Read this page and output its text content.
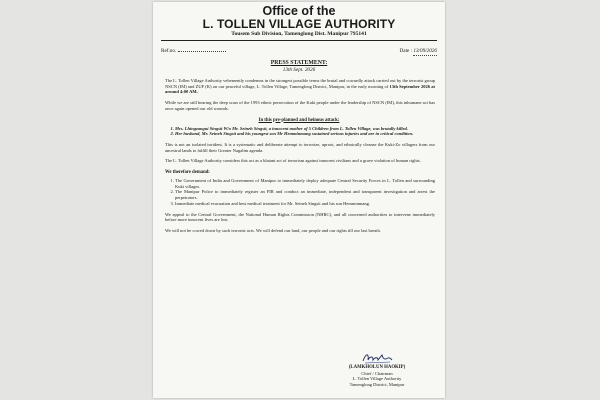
Office of the

L. TOLLEN VILLAGE AUTHORITY

Tousem Sub Division, Tamenglong Dist. Manipur 795141

Ref.no.	Date : 13/09/2026

PRESS STATEMENT:

13th Sept. 2026

The L. Tollen Village Authority vehemently condemns in the strongest possible terms the brutal and cowardly attack carried out by the terrorist group NSCN (IM) and ZUF (K) on our peaceful village, L. Tollen Village, Tamenglong District, Manipur, in the early morning of 13th September 2026 at around 4:00 AM.

While we are still bearing the deep scars of the 1993 ethnic persecution of the Kuki people under the leadership of NSCN (IM), this inhumane act has once again opened our old wounds.

In this pre-planned and heinous attack:
1. Mrs. Lhingzangui Singsit W/o Mr. Seineh Singsit, a innocent mother of 5 Children from L. Tollen Village, was brutally killed.
2. Her husband, Mr. Seineh Singsit and his youngest son Mr Hemminmang sustained serious injuries and are in critical condition.

This is not an isolated incident. It is a systematic and deliberate attempt to terrorize, uproot, and ethnically cleanse the Kuki-Zo villagers from our ancestral lands to fulfill their Greater Nagalim agenda.

The L. Tollen Village Authority considers this act as a blatant act of terrorism against innocent civilians and a grave violation of human rights.

We therefore demand:
1. The Government of India and Government of Manipur to immediately deploy adequate Central Security Forces in L. Tollen and surrounding Kuki villages.
2. The Manipur Police to immediately register an FIR and conduct an immediate, independent and transparent investigation and arrest the perpetrators.
3. Immediate medical evacuation and best medical treatment for Mr. Seineh Singsit and his son Hemminmang.

We appeal to the Central Government, the National Human Rights Commission (NHRC), and all concerned authorities to intervene immediately before more innocent lives are lost.

We will not be cowed down by such terrorist acts. We will defend our land, our people and our rights till our last breath.

(LAMKHOLUN HAOKIP)
Chief / Chairman
L. Tollen Village Authority
Tamenglong District, Manipur
